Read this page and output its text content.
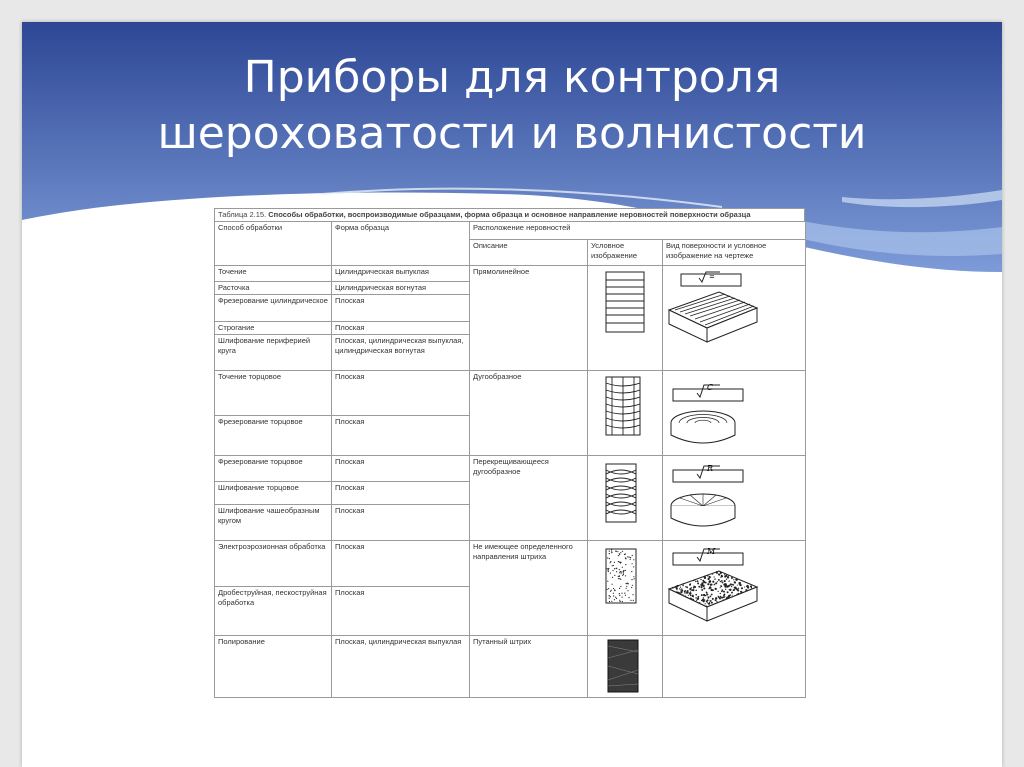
Приборы для контроля
шероховатости и волнистости
Таблица 2.15. Способы обработки, воспроизводимые образцами, форма образца и основное направление неровностей поверхности образца
Способ обработки	Форма образца	Расположение неровностей		
		Описание	Условное изображение	Вид поверхности и условное изображение на чертеже
Точение	Цилиндрическая выпуклая	Прямолинейное		=

Расточка	Цилиндрическая вогнутая			
Фрезерование цилиндрическое	Плоская			
Строгание	Плоская			
Шлифование периферией круга	Плоская, цилиндрическая выпуклая, цилиндрическая вогнутая			
Точение торцовое	Плоская	Дугообразное		C

Фрезерование торцовое	Плоская			
Фрезерование торцовое	Плоская	Перекрещивающееся дугообразное		R

Шлифование торцовое	Плоская			
Шлифование чашеобразным кругом	Плоская			
Электроэрозионная обработка	Плоская	Не имеющее определенного направления штриха		M

Дробеструйная, пескоструйная обработка	Плоская			
Полирование	Плоская, цилиндрическая выпуклая	Путанный штрих	
